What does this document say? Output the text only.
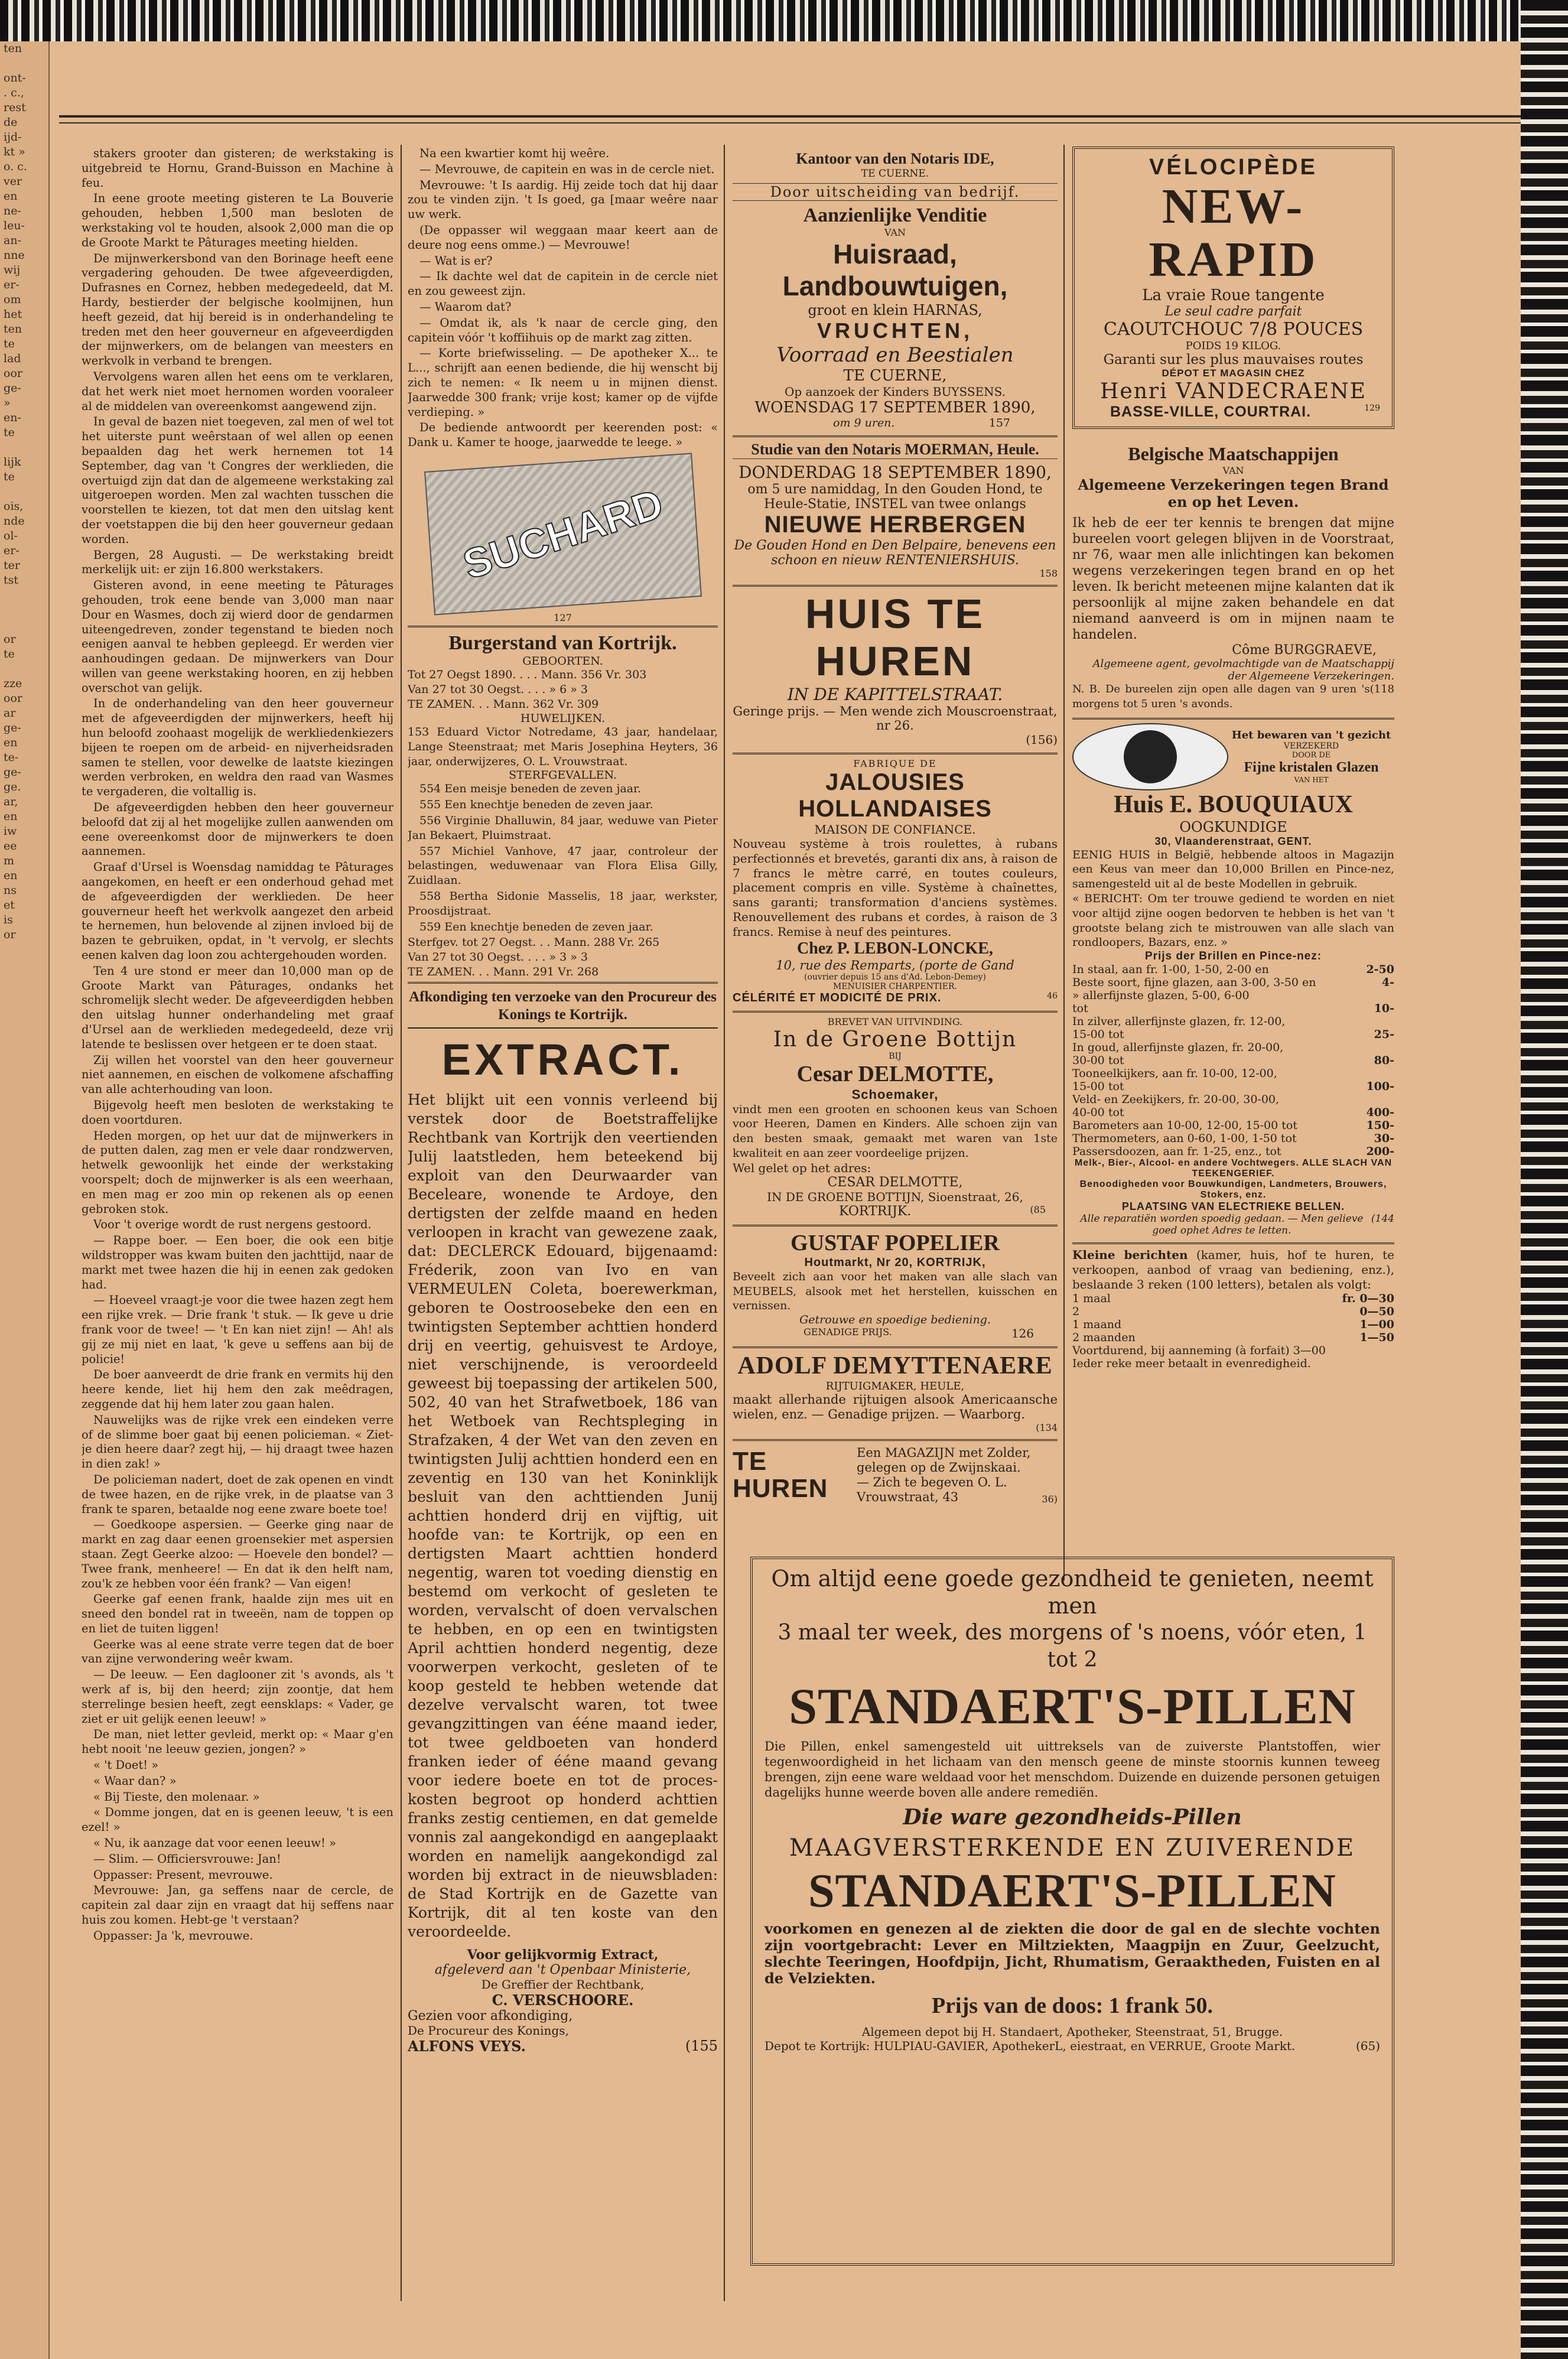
ten

ont-
. c.,
rest
de
ijd-
kt »
o. c.
ver
en
ne-
leu-
an-
nne
wij
er-
om
het
ten
te
lad
oor
ge-
»
en-
te

lijk
te

ois,
nde
ol-
er-
ter
tst

or
te

zze
oor
ar
ge-
en
te-
ge-
ge.
ar,
en
iw
ee
m
en
ns
et
is
or

stakers grooter dan gisteren; de werkstaking is uitgebreid te Hornu, Grand-Buisson en Machine à feu.

In eene groote meeting gisteren te La Bouverie gehouden, hebben 1,500 man besloten de werkstaking vol te houden, alsook 2,000 man die op de Groote Markt te Pâturages meeting hielden.

De mijnwerkersbond van den Borinage heeft eene vergadering gehouden. De twee afgeveerdigden, Dufrasnes en Cornez, hebben medegedeeld, dat M. Hardy, bestierder der belgische koolmijnen, hun heeft gezeid, dat hij bereid is in onderhandeling te treden met den heer gouverneur en afgeveerdigden der mijnwerkers, om de belangen van meesters en werkvolk in verband te brengen.

Vervolgens waren allen het eens om te verklaren, dat het werk niet moet hernomen worden vooraleer al de middelen van overeenkomst aangewend zijn.

In geval de bazen niet toegeven, zal men of wel tot het uiterste punt weêrstaan of wel allen op eenen bepaalden dag het werk hernemen tot 14 September, dag van 't Congres der werklieden, die overtuigd zijn dat dan de algemeene werkstaking zal uitgeroepen worden. Men zal wachten tusschen die voorstellen te kiezen, tot dat men den uitslag kent der voetstappen die bij den heer gouverneur gedaan worden.

Bergen, 28 Augusti. — De werkstaking breidt merkelijk uit: er zijn 16.800 werkstakers.

Gisteren avond, in eene meeting te Pâturages gehouden, trok eene bende van 3,000 man naar Dour en Wasmes, doch zij wierd door de gendarmen uiteengedreven, zonder tegenstand te bieden noch eenigen aanval te hebben gepleegd. Er werden vier aanhoudingen gedaan. De mijnwerkers van Dour willen van geene werkstaking hooren, en zij hebben overschot van gelijk.

In de onderhandeling van den heer gouverneur met de afgeveerdigden der mijnwerkers, heeft hij hun beloofd zoohaast mogelijk de werkliedenkiezers bijeen te roepen om de arbeid- en nijverheidsraden samen te stellen, voor dewelke de laatste kiezingen werden verbroken, en weldra den raad van Wasmes te vergaderen, die voltallig is.

De afgeveerdigden hebben den heer gouverneur beloofd dat zij al het mogelijke zullen aanwenden om eene overeenkomst door de mijnwerkers te doen aannemen.

Graaf d'Ursel is Woensdag namiddag te Pâturages aangekomen, en heeft er een onderhoud gehad met de afgeveerdigden der werklieden. De heer gouverneur heeft het werkvolk aangezet den arbeid te hernemen, hun belovende al zijnen invloed bij de bazen te gebruiken, opdat, in 't vervolg, er slechts eenen kalven dag loon zou achtergehouden worden.

Ten 4 ure stond er meer dan 10,000 man op de Groote Markt van Pâturages, ondanks het schromelijk slecht weder. De afgeveerdigden hebben den uitslag hunner onderhandeling met graaf d'Ursel aan de werklieden medegedeeld, deze vrij latende te beslissen over hetgeen er te doen staat.

Zij willen het voorstel van den heer gouverneur niet aannemen, en eischen de volkomene afschaffing van alle achterhouding van loon.

Bijgevolg heeft men besloten de werkstaking te doen voortduren.

Heden morgen, op het uur dat de mijnwerkers in de putten dalen, zag men er vele daar rondzwerven, hetwelk gewoonlijk het einde der werkstaking voorspelt; doch de mijnwerker is als een weerhaan, en men mag er zoo min op rekenen als op eenen gebroken stok.

Voor 't overige wordt de rust nergens gestoord.

— Rappe boer. — Een boer, die ook een bitje wildstropper was kwam buiten den jachttijd, naar de markt met twee hazen die hij in eenen zak gedoken had.

— Hoeveel vraagt-je voor die twee hazen zegt hem een rijke vrek. — Drie frank 't stuk. — Ik geve u drie frank voor de twee! — 't En kan niet zijn! — Ah! als gij ze mij niet en laat, 'k geve u seffens aan bij de policie!

De boer aanveerdt de drie frank en vermits hij den heere kende, liet hij hem den zak meêdragen, zeggende dat hij hem later zou gaan halen.

Nauwelijks was de rijke vrek een eindeken verre of de slimme boer gaat bij eenen policieman. « Ziet-je dien heere daar? zegt hij, — hij draagt twee hazen in dien zak! »

De policieman nadert, doet de zak openen en vindt de twee hazen, en de rijke vrek, in de plaatse van 3 frank te sparen, betaalde nog eene zware boete toe!

— Goedkoope aspersien. — Geerke ging naar de markt en zag daar eenen groensekier met aspersien staan. Zegt Geerke alzoo: — Hoevele den bondel? — Twee frank, menheere! — En dat ik den helft nam, zou'k ze hebben voor één frank? — Van eigen!

Geerke gaf eenen frank, haalde zijn mes uit en sneed den bondel rat in tweeën, nam de toppen op en liet de tuiten liggen!

Geerke was al eene strate verre tegen dat de boer van zijne verwondering weêr kwam.

— De leeuw. — Een daglooner zit 's avonds, als 't werk af is, bij den heerd; zijn zoontje, dat hem sterrelinge besien heeft, zegt eensklaps: « Vader, ge ziet er uit gelijk eenen leeuw! »

De man, niet letter gevleid, merkt op: « Maar g'en hebt nooit 'ne leeuw gezien, jongen? »

« 't Doet! »

« Waar dan? »

« Bij Tieste, den molenaar. »

« Domme jongen, dat en is geenen leeuw, 't is een ezel! »

« Nu, ik aanzage dat voor eenen leeuw! »

— Slim. — Officiersvrouwe: Jan!

Oppasser: Present, mevrouwe.

Mevrouwe: Jan, ga seffens naar de cercle, de capitein zal daar zijn en vraagt dat hij seffens naar huis zou komen. Hebt-ge 't verstaan?

Oppasser: Ja 'k, mevrouwe.

Na een kwartier komt hij weêre.

— Mevrouwe, de capitein en was in de cercle niet.

Mevrouwe: 't Is aardig. Hij zeide toch dat hij daar zou te vinden zijn. 't Is goed, ga [maar weêre naar uw werk.

(De oppasser wil weggaan maar keert aan de deure nog eens omme.) — Mevrouwe!

— Wat is er?

— Ik dachte wel dat de capitein in de cercle niet en zou geweest zijn.

— Waarom dat?

— Omdat ik, als 'k naar de cercle ging, den capitein vóór 't koffiihuis op de markt zag zitten.

— Korte briefwisseling. — De apotheker X... te L..., schrijft aan eenen bediende, die hij wenscht bij zich te nemen: « Ik neem u in mijnen dienst. Jaarwedde 300 frank; vrije kost; kamer op de vijfde verdieping. »

De bediende antwoordt per keerenden post: « Dank u. Kamer te hooge, jaarwedde te leege. »

SUCHARD
127
Burgerstand van Kortrijk.
GEBOORTEN.
Tot 27 Oegst 1890. . . . Mann. 356 Vr. 303
Van 27 tot 30 Oegst. . . . » 6 » 3
TE ZAMEN. . . Mann. 362 Vr. 309
HUWELIJKEN.
153 Eduard Victor Notredame, 43 jaar, handelaar, Lange Steenstraat; met Maris Josephina Heyters, 36 jaar, onderwijzeres, O. L. Vrouwstraat.
STERFGEVALLEN.

554 Een meisje beneden de zeven jaar.

555 Een knechtje beneden de zeven jaar.

556 Virginie Dhalluwin, 84 jaar, weduwe van Pieter Jan Bekaert, Pluimstraat.

557 Michiel Vanhove, 47 jaar, controleur der belastingen, weduwenaar van Flora Elisa Gilly, Zuidlaan.

558 Bertha Sidonie Masselis, 18 jaar, werkster, Proosdijstraat.

559 Een knechtje beneden de zeven jaar.

Sterfgev. tot 27 Oegst. . . Mann. 288 Vr. 265
Van 27 tot 30 Oegst. . . . » 3 » 3
TE ZAMEN. . . Mann. 291 Vr. 268
Afkondiging ten verzoeke van den Procureur des Konings te Kortrijk.
EXTRACT.
Het blijkt uit een vonnis verleend bij verstek door de Boetstraffelijke Rechtbank van Kortrijk den veertienden Julij laatstleden, hem beteekend bij exploit van den Deurwaarder van Beceleare, wonende te Ardoye, den dertigsten der zelfde maand en heden verloopen in kracht van gewezene zaak, dat: DECLERCK Edouard, bijgenaamd: Fréderik, zoon van Ivo en van VERMEULEN Coleta, boerewerkman, geboren te Oostroosebeke den een en twintigsten September achttien honderd drij en veertig, gehuisvest te Ardoye, niet verschijnende, is veroordeeld geweest bij toepassing der artikelen 500, 502, 40 van het Strafwetboek, 186 van het Wetboek van Rechtspleging in Strafzaken, 4 der Wet van den zeven en twintigsten Julij achttien honderd een en zeventig en 130 van het Koninklijk besluit van den achttienden Junij achttien honderd drij en vijftig, uit hoofde van: te Kortrijk, op een en dertigsten Maart achttien honderd negentig, waren tot voeding dienstig en bestemd om verkocht of gesleten te worden, vervalscht of doen vervalschen te hebben, en op een en twintigsten April achttien honderd negentig, deze voorwerpen verkocht, gesleten of te koop gesteld te hebben wetende dat dezelve vervalscht waren, tot twee gevangzittingen van ééne maand ieder, tot twee geldboeten van honderd franken ieder of ééne maand gevang voor iedere boete en tot de proces-kosten begroot op honderd achttien franks zestig centiemen, en dat gemelde vonnis zal aangekondigd en aangeplaakt worden en namelijk aangekondigd zal worden bij extract in de nieuwsbladen: de Stad Kortrijk en de Gazette van Kortrijk, dit al ten koste van den veroordeelde.
Voor gelijkvormig Extract,
afgeleverd aan 't Openbaar Ministerie,
De Greffier der Rechtbank,
C. VERSCHOORE.
Gezien voor afkondiging,
De Procureur des Konings,
ALFONS VEYS.	(155
Kantoor van den Notaris IDE,
TE CUERNE.
Door uitscheiding van bedrijf.
Aanzienlijke Venditie
VAN
Huisraad, Landbouwtuigen,
groot en klein HARNAS,
VRUCHTEN,
Voorraad en Beestialen
TE CUERNE,
Op aanzoek der Kinders BUYSSENS.
WOENSDAG 17 SEPTEMBER 1890,
om 9 uren.	157
Studie van den Notaris MOERMAN, Heule.
DONDERDAG 18 SEPTEMBER 1890,
om 5 ure namiddag, In den Gouden Hond, te Heule-Statie, INSTEL van twee onlangs
NIEUWE HERBERGEN
De Gouden Hond en Den Belpaire, benevens een schoon en nieuw RENTENIERSHUIS.
158
HUIS TE HUREN
IN DE KAPITTELSTRAAT.
Geringe prijs. — Men wende zich Mouscroenstraat, nr 26.
(156)
FABRIQUE DE
JALOUSIES HOLLANDAISES
MAISON DE CONFIANCE.
Nouveau système à trois roulettes, à rubans perfectionnés et brevetés, garanti dix ans, à raison de 7 francs le mètre carré, en toutes couleurs, placement compris en ville. Système à chaînettes, sans garanti; transformation d'anciens systèmes. Renouvellement des rubans et cordes, à raison de 3 francs. Remise à neuf des peintures.
Chez P. LEBON-LONCKE,
10, rue des Remparts, (porte de Gand
(ouvrier depuis 15 ans d'Ad. Lebon-Demey)
MENUISIER CHARPENTIER.
CÉLÉRITÉ ET MODICITÉ DE PRIX.	46
BREVET VAN UITVINDING.
In de Groene Bottijn
BIJ
Cesar DELMOTTE,
Schoemaker,
vindt men een grooten en schoonen keus van Schoen voor Heeren, Damen en Kinders. Alle schoen zijn van den besten smaak, gemaakt met waren van 1ste kwaliteit en aan zeer voordeelige prijzen.
Wel gelet op het adres:
CESAR DELMOTTE,
IN DE GROENE BOTTIJN, Sioenstraat, 26,
KORTRIJK.	(85
GUSTAF POPELIER
Houtmarkt, Nr 20, KORTRIJK,
Beveelt zich aan voor het maken van alle slach van MEUBELS, alsook met het herstellen, kuisschen en vernissen.
Getrouwe en spoedige bediening.
GENADIGE PRIJS.	126
ADOLF DEMYTTENAERE
RIJTUIGMAKER, HEULE,
maakt allerhande rijtuigen alsook Americaansche wielen, enz. — Genadige prijzen. — Waarborg.
(134
TE HUREN
Een MAGAZIJN met Zolder, gelegen op de Zwijnskaai. — Zich te begeven O. L. Vrouwstraat, 43	36)
VÉLOCIPÈDE
NEW-RAPID
La vraie Roue tangente
Le seul cadre parfait
CAOUTCHOUC 7/8 POUCES
POIDS 19 KILOG.
Garanti sur les plus mauvaises routes
DÉPOT ET MAGASIN CHEZ
Henri VANDECRAENE
BASSE-VILLE, COURTRAI.	129
Belgische Maatschappijen
VAN
Algemeene Verzekeringen tegen Brand en op het Leven.
Ik heb de eer ter kennis te brengen dat mijne bureelen voort gelegen blijven in de Voorstraat, nr 76, waar men alle inlichtingen kan bekomen wegens verzekeringen tegen brand en op het leven. Ik bericht meteenen mijne kalanten dat ik persoonlijk al mijne zaken behandele en dat niemand aanveerd is om in mijnen naam te handelen.
Côme BURGGRAEVE,
Algemeene agent, gevolmachtigde van de Maatschappij der Algemeene Verzekeringen.
N. B. De bureelen zijn open alle dagen van 9 uren 's morgens tot 5 uren 's avonds.
(118
Het bewaren van 't gezicht
VERZEKERD
DOOR DE
Fijne kristalen Glazen
VAN HET
Huis E. BOUQUIAUX
OOGKUNDIGE
30, Vlaanderenstraat, GENT.
EENIG HUIS in België, hebbende altoos in Magazijn een Keus van meer dan 10,000 Brillen en Pince-nez, samengesteld uit al de beste Modellen in gebruik.
« BERICHT: Om ter trouwe gediend te worden en niet voor altijd zijne oogen bedorven te hebben is het van 't grootste belang zich te mistrouwen van alle slach van rondloopers, Bazars, enz. »
Prijs der Brillen en Pince-nez:
In staal, aan fr. 1-00, 1-50, 2-00 en	2-50
Beste soort, fijne glazen, aan 3-00, 3-50 en	4-
» allerfijnste glazen, 5-00, 6-00
tot	10-
In zilver, allerfijnste glazen, fr. 12-00,
15-00 tot	25-
In goud, allerfijnste glazen, fr. 20-00,
30-00 tot	80-
Tooneelkijkers, aan fr. 10-00, 12-00,
15-00 tot	100-
Veld- en Zeekijkers, fr. 20-00, 30-00,
40-00 tot	400-
Barometers aan 10-00, 12-00, 15-00 tot	150-
Thermometers, aan 0-60, 1-00, 1-50 tot	30-
Passersdoozen, aan fr. 1-25, enz., tot	200-
Melk-, Bier-, Alcool- en andere Vochtwegers. ALLE SLACH VAN TEEKENGERIEF.
Benoodigheden voor Bouwkundigen, Landmeters, Brouwers, Stokers, enz.
PLAATSING VAN ELECTRIEKE BELLEN.
Alle reparatiën worden spoedig gedaan. — Men gelieve goed ophet Adres te letten.
(144
Kleine berichten (kamer, huis, hof te huren, te verkoopen, aanbod of vraag van bediening, enz.), beslaande 3 reken (100 letters), betalen als volgt:
1 maal	fr. 0—30
2	0—50
1 maand	1—00
2 maanden	1—50
Voortdurend, bij aanneming (à forfait) 3—00
Ieder reke meer betaalt in evenredigheid.
Om altijd eene goede gezondheid te genieten, neemt men
3 maal ter week, des morgens of 's noens, vóór eten, 1 tot 2
STANDAERT'S-PILLEN
Die Pillen, enkel samengesteld uit uittreksels van de zuiverste Plantstoffen, wier tegenwoordigheid in het lichaam van den mensch geene de minste stoornis kunnen teweeg brengen, zijn eene ware weldaad voor het menschdom. Duizende en duizende personen getuigen dagelijks hunne weerde boven alle andere remediën.
Die ware gezondheids-Pillen
MAAGVERSTERKENDE EN ZUIVERENDE
STANDAERT'S-PILLEN
voorkomen en genezen al de ziekten die door de gal en de slechte vochten zijn voortgebracht: Lever en Miltziekten, Maagpijn en Zuur, Geelzucht, slechte Teeringen, Hoofdpijn, Jicht, Rhumatism, Geraaktheden, Fuisten en al de Velziekten.
Prijs van de doos: 1 frank 50.
Algemeen depot bij H. Standaert, Apotheker, Steenstraat, 51, Brugge.
Depot te Kortrijk: HULPIAU-GAVIER, ApothekerL, eiestraat, en VERRUE, Groote Markt.	(65)
